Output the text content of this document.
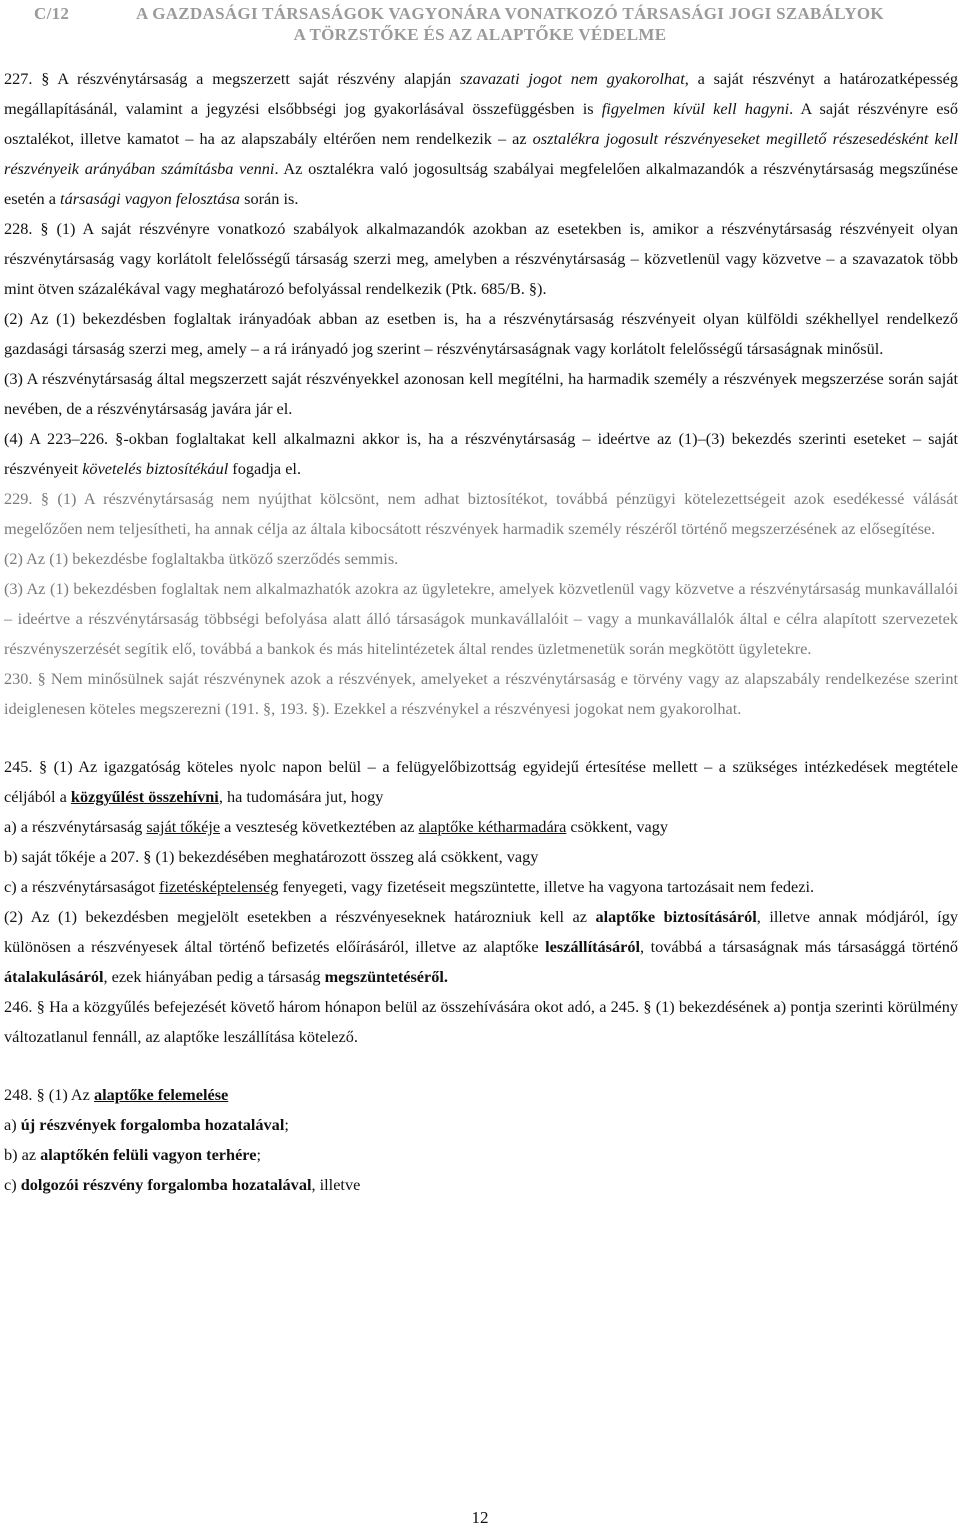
C/12	A GAZDASÁGI TÁRSASÁGOK VAGYONÁRA VONATKOZÓ TÁRSASÁGI JOGI SZABÁLYOK
A TÖRZSTŐKE ÉS AZ ALAPTŐKE VÉDELME

227. § A részvénytársaság a megszerzett saját részvény alapján szavazati jogot nem gyakorolhat, a saját részvényt a határozatképesség megállapításánál, valamint a jegyzési elsőbbségi jog gyakorlásával összefüggésben is figyelmen kívül kell hagyni. A saját részvényre eső osztalékot, illetve kamatot – ha az alapszabály eltérően nem rendelkezik – az osztalékra jogosult részvényeseket megillető részesedésként kell részvényeik arányában számításba venni. Az osztalékra való jogosultság szabályai megfelelően alkalmazandók a részvénytársaság megszűnése esetén a társasági vagyon felosztása során is.

228. § (1) A saját részvényre vonatkozó szabályok alkalmazandók azokban az esetekben is, amikor a részvénytársaság részvényeit olyan részvénytársaság vagy korlátolt felelősségű társaság szerzi meg, amelyben a részvénytársaság – közvetlenül vagy közvetve – a szavazatok több mint ötven százalékával vagy meghatározó befolyással rendelkezik (Ptk. 685/B. §).

(2) Az (1) bekezdésben foglaltak irányadóak abban az esetben is, ha a részvénytársaság részvényeit olyan külföldi székhellyel rendelkező gazdasági társaság szerzi meg, amely – a rá irányadó jog szerint – részvénytársaságnak vagy korlátolt felelősségű társaságnak minősül.

(3) A részvénytársaság által megszerzett saját részvényekkel azonosan kell megítélni, ha harmadik személy a részvények megszerzése során saját nevében, de a részvénytársaság javára jár el.

(4) A 223–226. §-okban foglaltakat kell alkalmazni akkor is, ha a részvénytársaság – ideértve az (1)–(3) bekezdés szerinti eseteket – saját részvényeit követelés biztosítékául fogadja el.

229. § (1) A részvénytársaság nem nyújthat kölcsönt, nem adhat biztosítékot, továbbá pénzügyi kötelezettségeit azok esedékessé válását megelőzően nem teljesítheti, ha annak célja az általa kibocsátott részvények harmadik személy részéről történő megszerzésének az elősegítése.

(2) Az (1) bekezdésbe foglaltakba ütköző szerződés semmis.

(3) Az (1) bekezdésben foglaltak nem alkalmazhatók azokra az ügyletekre, amelyek közvetlenül vagy közvetve a részvénytársaság munkavállalói – ideértve a részvénytársaság többségi befolyása alatt álló társaságok munkavállalóit – vagy a munkavállalók által e célra alapított szervezetek részvényszerzését segítik elő, továbbá a bankok és más hitelintézetek által rendes üzletmenetük során megkötött ügyletekre.

230. § Nem minősülnek saját részvénynek azok a részvények, amelyeket a részvénytársaság e törvény vagy az alapszabály rendelkezése szerint ideiglenesen köteles megszerezni (191. §, 193. §). Ezekkel a részvénykel a részvényesi jogokat nem gyakorolhat.

245. § (1) Az igazgatóság köteles nyolc napon belül – a felügyelőbizottság egyidejű értesítése mellett – a szükséges intézkedések megtétele céljából a közgyűlést összehívni, ha tudomására jut, hogy

a) a részvénytársaság saját tőkéje a veszteség következtében az alaptőke kétharmadára csökkent, vagy

b) saját tőkéje a 207. § (1) bekezdésében meghatározott összeg alá csökkent, vagy

c) a részvénytársaságot fizetésképtelenség fenyegeti, vagy fizetéseit megszüntette, illetve ha vagyona tartozásait nem fedezi.

(2) Az (1) bekezdésben megjelölt esetekben a részvényeseknek határozniuk kell az alaptőke biztosításáról, illetve annak módjáról, így különösen a részvényesek által történő befizetés előírásáról, illetve az alaptőke leszállításáról, továbbá a társaságnak más társasággá történő átalakulásáról, ezek hiányában pedig a társaság megszüntetéséről.

246. § Ha a közgyűlés befejezését követő három hónapon belül az összehívására okot adó, a 245. § (1) bekezdésének a) pontja szerinti körülmény változatlanul fennáll, az alaptőke leszállítása kötelező.

248. § (1) Az alaptőke felemelése

a) új részvények forgalomba hozatalával;

b) az alaptőkén felüli vagyon terhére;

c) dolgozói részvény forgalomba hozatalával, illetve

12
